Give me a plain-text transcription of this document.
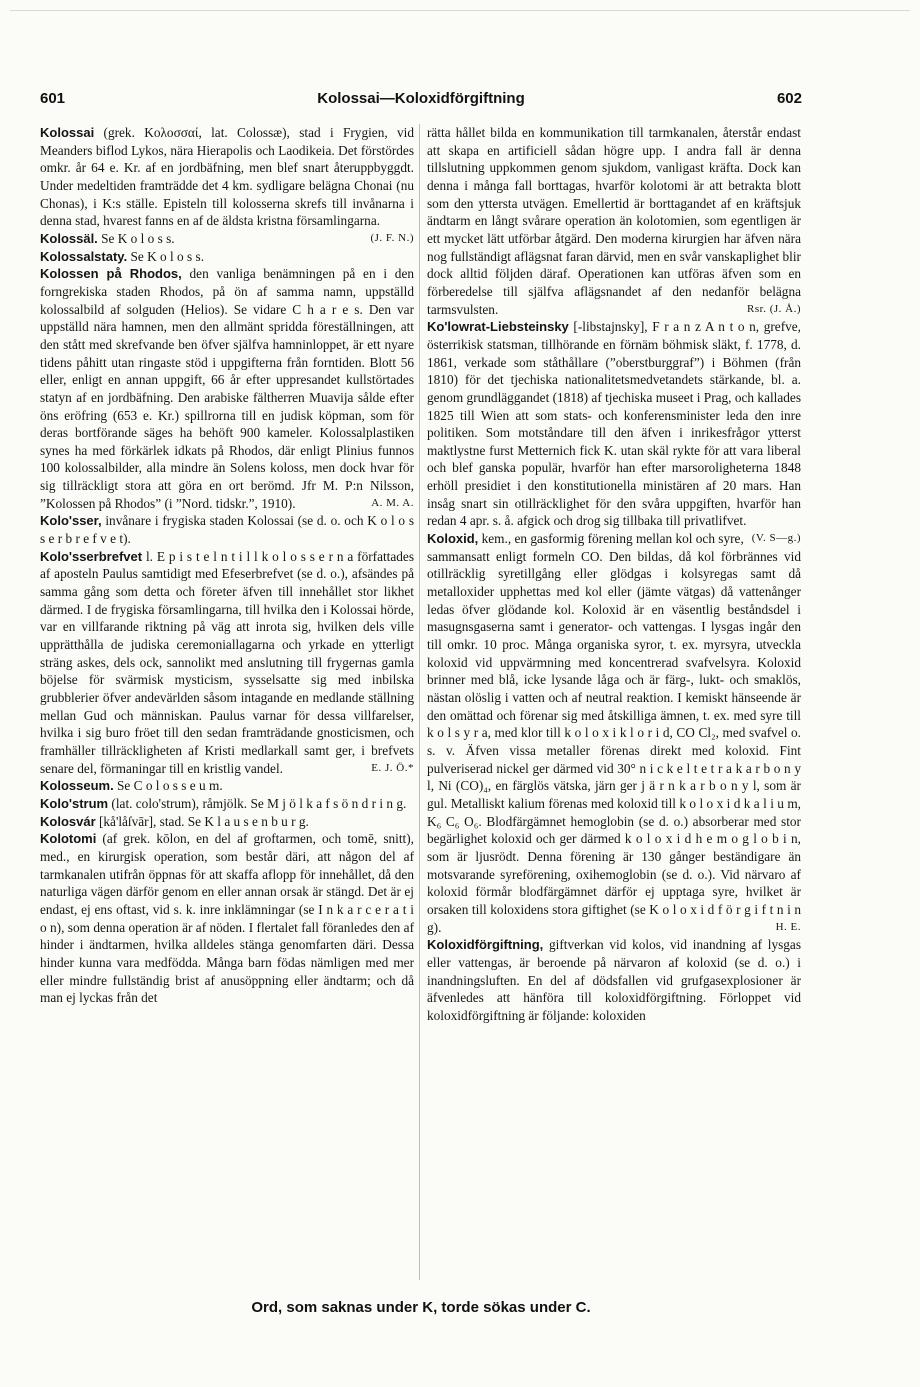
601	Kolossai—Koloxidförgiftning	602

Kolossai (grek. Κολοσσαί, lat. Colossæ), stad i Frygien, vid Meanders biflod Lykos, nära Hierapolis och Laodikeia. Det förstördes omkr. år 64 e. Kr. af en jordbäfning, men blef snart återuppbyggdt. Under medeltiden framträdde det 4 km. sydligare belägna Chonai (nu Chonas), i K:s ställe. Episteln till kolosserna skrefs till invånarna i denna stad, hvarest fanns en af de äldsta kristna församlingarna.
(J. F. N.)

Kolossäl. Se K o l o s s.

Kolossalstaty. Se K o l o s s.

Kolossen på Rhodos, den vanliga benämningen på en i den forngrekiska staden Rhodos, på ön af samma namn, uppställd kolossalbild af solguden (Helios). Se vidare C h a r e s. Den var uppställd nära hamnen, men den allmänt spridda föreställningen, att den stått med skrefvande ben öfver själfva hamninloppet, är ett nyare tidens påhitt utan ringaste stöd i uppgifterna från forntiden. Blott 56 eller, enligt en annan uppgift, 66 år efter uppresandet kullstörtades statyn af en jordbäfning. Den arabiske fältherren Muavija sålde efter öns eröfring (653 e. Kr.) spillrorna till en judisk köpman, som för deras bortförande säges ha behöft 900 kameler. Kolossalplastiken synes ha med förkärlek idkats på Rhodos, där enligt Plinius funnos 100 kolossalbilder, alla mindre än Solens koloss, men dock hvar för sig tillräckligt stora att göra en ort berömd. Jfr M. P:n Nilsson, ”Kolossen på Rhodos” (i ”Nord. tidskr.”, 1910).	A. M. A.

Kolo'sser, invånare i frygiska staden Kolossai (se d. o. och K o l o s s e r b r e f v e t).

Kolo'sserbrefvet l. E p i s t e l n t i l l k o l o s s e r n a författades af aposteln Paulus samtidigt med Efeserbrefvet (se d. o.), afsändes på samma gång som detta och företer äfven till innehållet stor likhet därmed. I de frygiska församlingarna, till hvilka den i Kolossai hörde, var en villfarande riktning på väg att inrota sig, hvilken dels ville upprätthålla de judiska ceremoniallagarna och yrkade en ytterligt sträng askes, dels ock, sannolikt med anslutning till frygernas gamla böjelse för svärmisk mysticism, sysselsatte sig med inbilska grubblerier öfver andevärlden såsom intagande en medlande ställning mellan Gud och människan. Paulus varnar för dessa villfarelser, hvilka i sig buro fröet till den sedan framträdande gnosticismen, och framhäller tillräckligheten af Kristi medlarkall samt ger, i brefvets senare del, förmaningar till en kristlig vandel.	E. J. Ö.*

Kolosseum. Se C o l o s s e u m.

Kolo'strum (lat. colo'strum), råmjölk. Se M j ö l k a f s ö n d r i n g.

Kolosvár [kå'låſvār], stad. Se K l a u s e n b u r g.

Kolotomi (af grek. kōlon, en del af groftarmen, och tomē, snitt), med., en kirurgisk operation, som består däri, att någon del af tarmkanalen utifrån öppnas för att skaffa aflopp för innehållet, då den naturliga vägen därför genom en eller annan orsak är stängd. Det är ej endast, ej ens oftast, vid s. k. inre inklämningar (se I n k a r c e r a t i o n), som denna operation är af nöden. I flertalet fall föranledes den af hinder i ändtarmen, hvilka alldeles stänga genomfarten däri. Dessa hinder kunna vara medfödda. Många barn födas nämligen med mer eller mindre fullständig brist af anusöppning eller ändtarm; och då man ej lyckas från det

rätta hållet bilda en kommunikation till tarmkanalen, återstår endast att skapa en artificiell sådan högre upp. I andra fall är denna tillslutning uppkommen genom sjukdom, vanligast kräfta. Dock kan denna i många fall borttagas, hvarför kolotomi är att betrakta blott som den yttersta utvägen. Emellertid är borttagandet af en kräftsjuk ändtarm en långt svårare operation än kolotomien, som egentligen är ett mycket lätt utförbar åtgärd. Den moderna kirurgien har äfven nära nog fullständigt aflägsnat faran därvid, men en svår vanskaplighet blir dock alltid följden däraf. Operationen kan utföras äfven som en förberedelse till själfva aflägsnandet af den nedanför belägna tarmsvulsten.	Rsr. (J. Å.)

Ko'lowrat-Liebsteinsky [-libstajnsky], F r a n z A n t o n, grefve, österrikisk statsman, tillhörande en förnäm böhmisk släkt, f. 1778, d. 1861, verkade som ståthållare (”oberstburggraf”) i Böhmen (från 1810) för det tjechiska nationalitetsmedvetandets stärkande, bl. a. genom grundläggandet (1818) af tjechiska museet i Prag, och kallades 1825 till Wien att som stats- och konferensminister leda den inre politiken. Som motståndare till den äfven i inrikesfrågor ytterst maktlystne furst Metternich fick K. utan skäl rykte för att vara liberal och blef ganska populär, hvarför han efter marsoroligheterna 1848 erhöll presidiet i den konstitutionella ministären af 20 mars. Han insåg snart sin otillräcklighet för den svåra uppgiften, hvarför han redan 4 apr. s. å. afgick och drog sig tillbaka till privatlifvet.
(V. S—g.)

Koloxid, kem., en gasformig förening mellan kol och syre, sammansatt enligt formeln CO. Den bildas, då kol förbrännes vid otillräcklig syretillgång eller glödgas i kolsyregas samt då metalloxider upphettas med kol eller (jämte vätgas) då vattenånger ledas öfver glödande kol. Koloxid är en väsentlig beståndsdel i masugnsgaserna samt i generator- och vattengas. I lysgas ingår den till omkr. 10 proc. Många organiska syror, t. ex. myrsyra, utveckla koloxid vid uppvärmning med koncentrerad svafvelsyra. Koloxid brinner med blå, icke lysande låga och är färg-, lukt- och smaklös, nästan olöslig i vatten och af neutral reaktion. I kemiskt hänseende är den omättad och förenar sig med åtskilliga ämnen, t. ex. med syre till k o l s y r a, med klor till k o l o x i k l o r i d, CO Cl₂, med svafvel o. s. v. Äfven vissa metaller förenas direkt med koloxid. Fint pulveriserad nickel ger därmed vid 30° n i c k e l t e t r a k a r b o n y l, Ni (CO)₄, en färglös vätska, järn ger j ä r n k a r b o n y l, som är gul. Metalliskt kalium förenas med koloxid till k o l o x i d k a l i u m, K₆ C₆ O₆. Blodfärgämnet hemoglobin (se d. o.) absorberar med stor begärlighet koloxid och ger därmed k o l o x i d h e m o g l o b i n, som är ljusrödt. Denna förening är 130 gånger beständigare än motsvarande syreförening, oxihemoglobin (se d. o.). Vid närvaro af koloxid förmår blodfärgämnet därför ej upptaga syre, hvilket är orsaken till koloxidens stora giftighet (se K o l o x i d f ö r g i f t n i n g).	H. E.

Koloxidförgiftning, giftverkan vid kolos, vid inandning af lysgas eller vattengas, är beroende på närvaron af koloxid (se d. o.) i inandningsluften. En del af dödsfallen vid grufgasexplosioner är äfvenledes att hänföra till koloxidförgiftning. Förloppet vid koloxidförgiftning är följande: koloxiden

Ord, som saknas under K, torde sökas under C.
